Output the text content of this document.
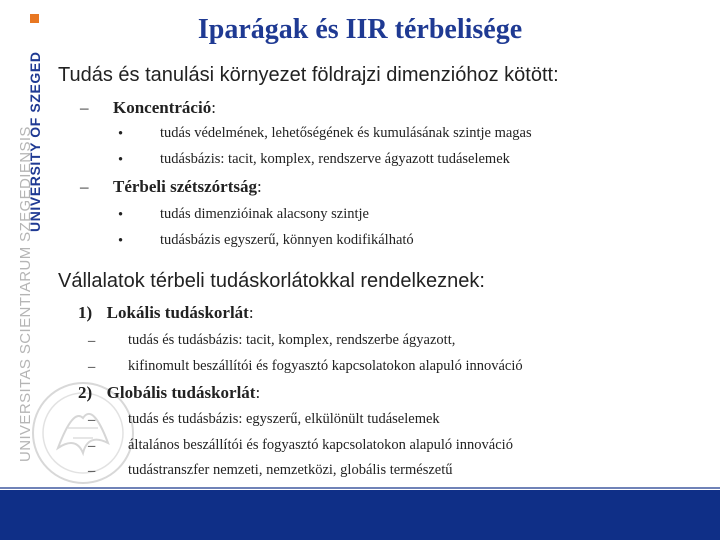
UNIVERSITAS SCIENTIARUM SZEGEDIENSIS
UNIVERSITY OF SZEGED
Iparágak és IIR térbelisége
Tudás és tanulási környezet földrajzi dimenzióhoz kötött:
– Koncentráció:
•	tudás védelmének, lehetőségének és kumulásának szintje magas
•	tudásbázis: tacit, komplex, rendszerve ágyazott tudáselemek
– Térbeli szétszórtság:
•	tudás dimenzióinak alacsony szintje
•	tudásbázis egyszerű, könnyen kodifikálható
Vállalatok térbeli tudáskorlátokkal rendelkeznek:
1) Lokális tudáskorlát:
– tudás és tudásbázis: tacit, komplex, rendszerbe ágyazott,
– kifinomult beszállítói és fogyasztó kapcsolatokon alapuló innováció
2) Globális tudáskorlát:
– tudás és tudásbázis: egyszerű, elkülönült tudáselemek
– általános beszállítói és fogyasztó kapcsolatokon alapuló innováció
– tudástranszfer nemzeti, nemzetközi, globális természetű
